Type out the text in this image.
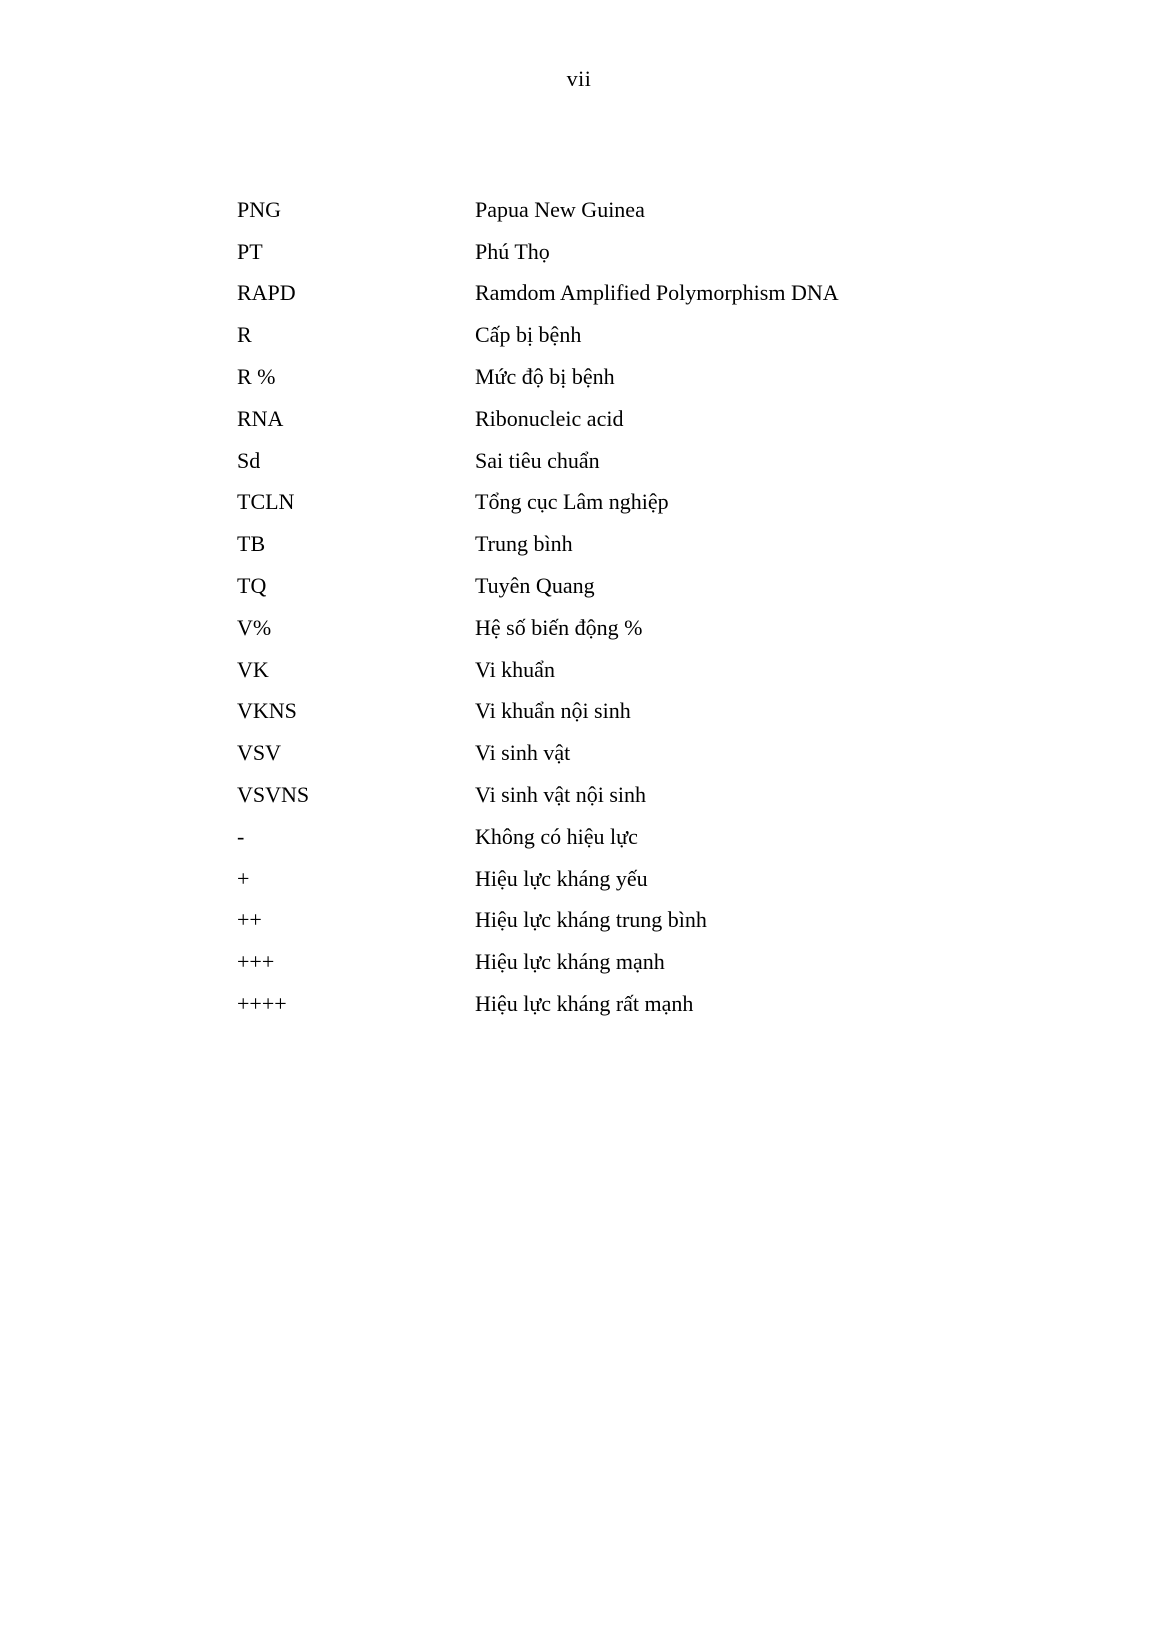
vii
PNG	Papua New Guinea
PT	Phú Thọ
RAPD	Ramdom Amplified Polymorphism DNA
R	Cấp bị bệnh
R %	Mức độ bị bệnh
RNA	Ribonucleic acid
Sd	Sai tiêu chuẩn
TCLN	Tổng cục Lâm nghiệp
TB	Trung bình
TQ	Tuyên Quang
V%	Hệ số biến động %
VK	Vi khuẩn
VKNS	Vi khuẩn nội sinh
VSV	Vi sinh vật
VSVNS	Vi sinh vật nội sinh
-	Không có hiệu lực
+	Hiệu lực kháng yếu
++	Hiệu lực kháng trung bình
+++	Hiệu lực kháng mạnh
++++	Hiệu lực kháng rất mạnh
